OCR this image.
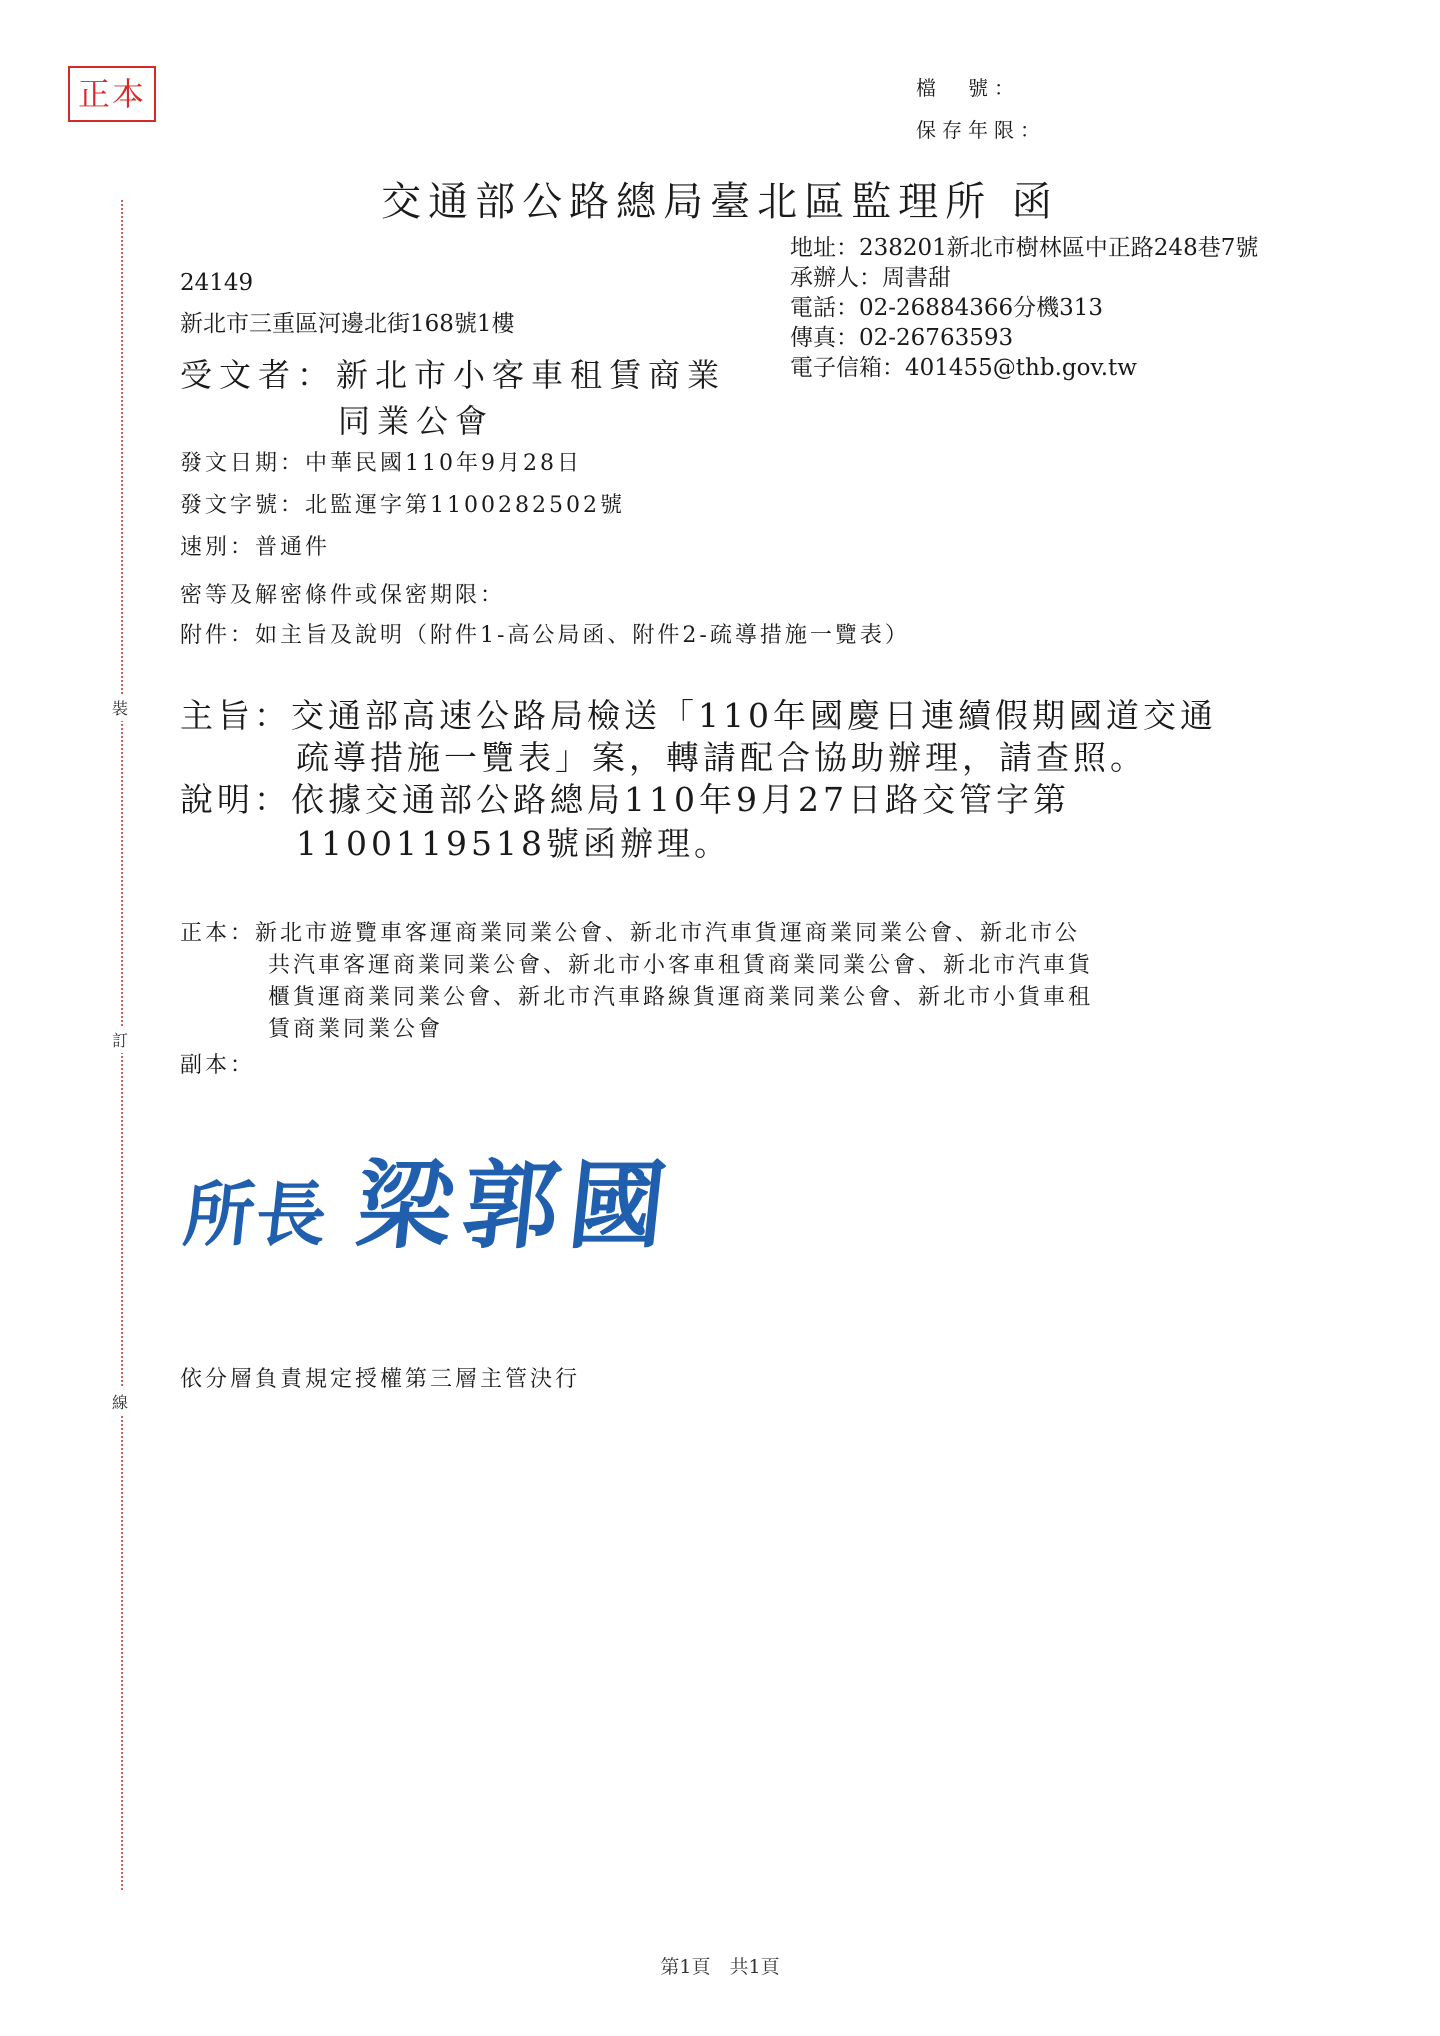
正本
裝
訂
線
檔　號：
保存年限：
交通部公路總局臺北區監理所 函
地址：238201新北市樹林區中正路248巷7號
承辦人：周書甜
電話：02-26884366分機313
傳真：02-26763593
電子信箱：401455@thb.gov.tw
24149
新北市三重區河邊北街168號1樓
受文者：新北市小客車租賃商業
同業公會
發文日期：中華民國110年9月28日
發文字號：北監運字第1100282502號
速別：普通件
密等及解密條件或保密期限：
附件：如主旨及說明（附件1-高公局函、附件2-疏導措施一覽表）
主旨：交通部高速公路局檢送「110年國慶日連續假期國道交通
疏導措施一覽表」案，轉請配合協助辦理，請查照。
說明：依據交通部公路總局110年9月27日路交管字第
1100119518號函辦理。
正本：新北市遊覽車客運商業同業公會、新北市汽車貨運商業同業公會、新北市公
共汽車客運商業同業公會、新北市小客車租賃商業同業公會、新北市汽車貨
櫃貨運商業同業公會、新北市汽車路線貨運商業同業公會、新北市小貨車租
賃商業同業公會
副本：
所長 梁郭國
依分層負責規定授權第三層主管決行
第1頁　共1頁
